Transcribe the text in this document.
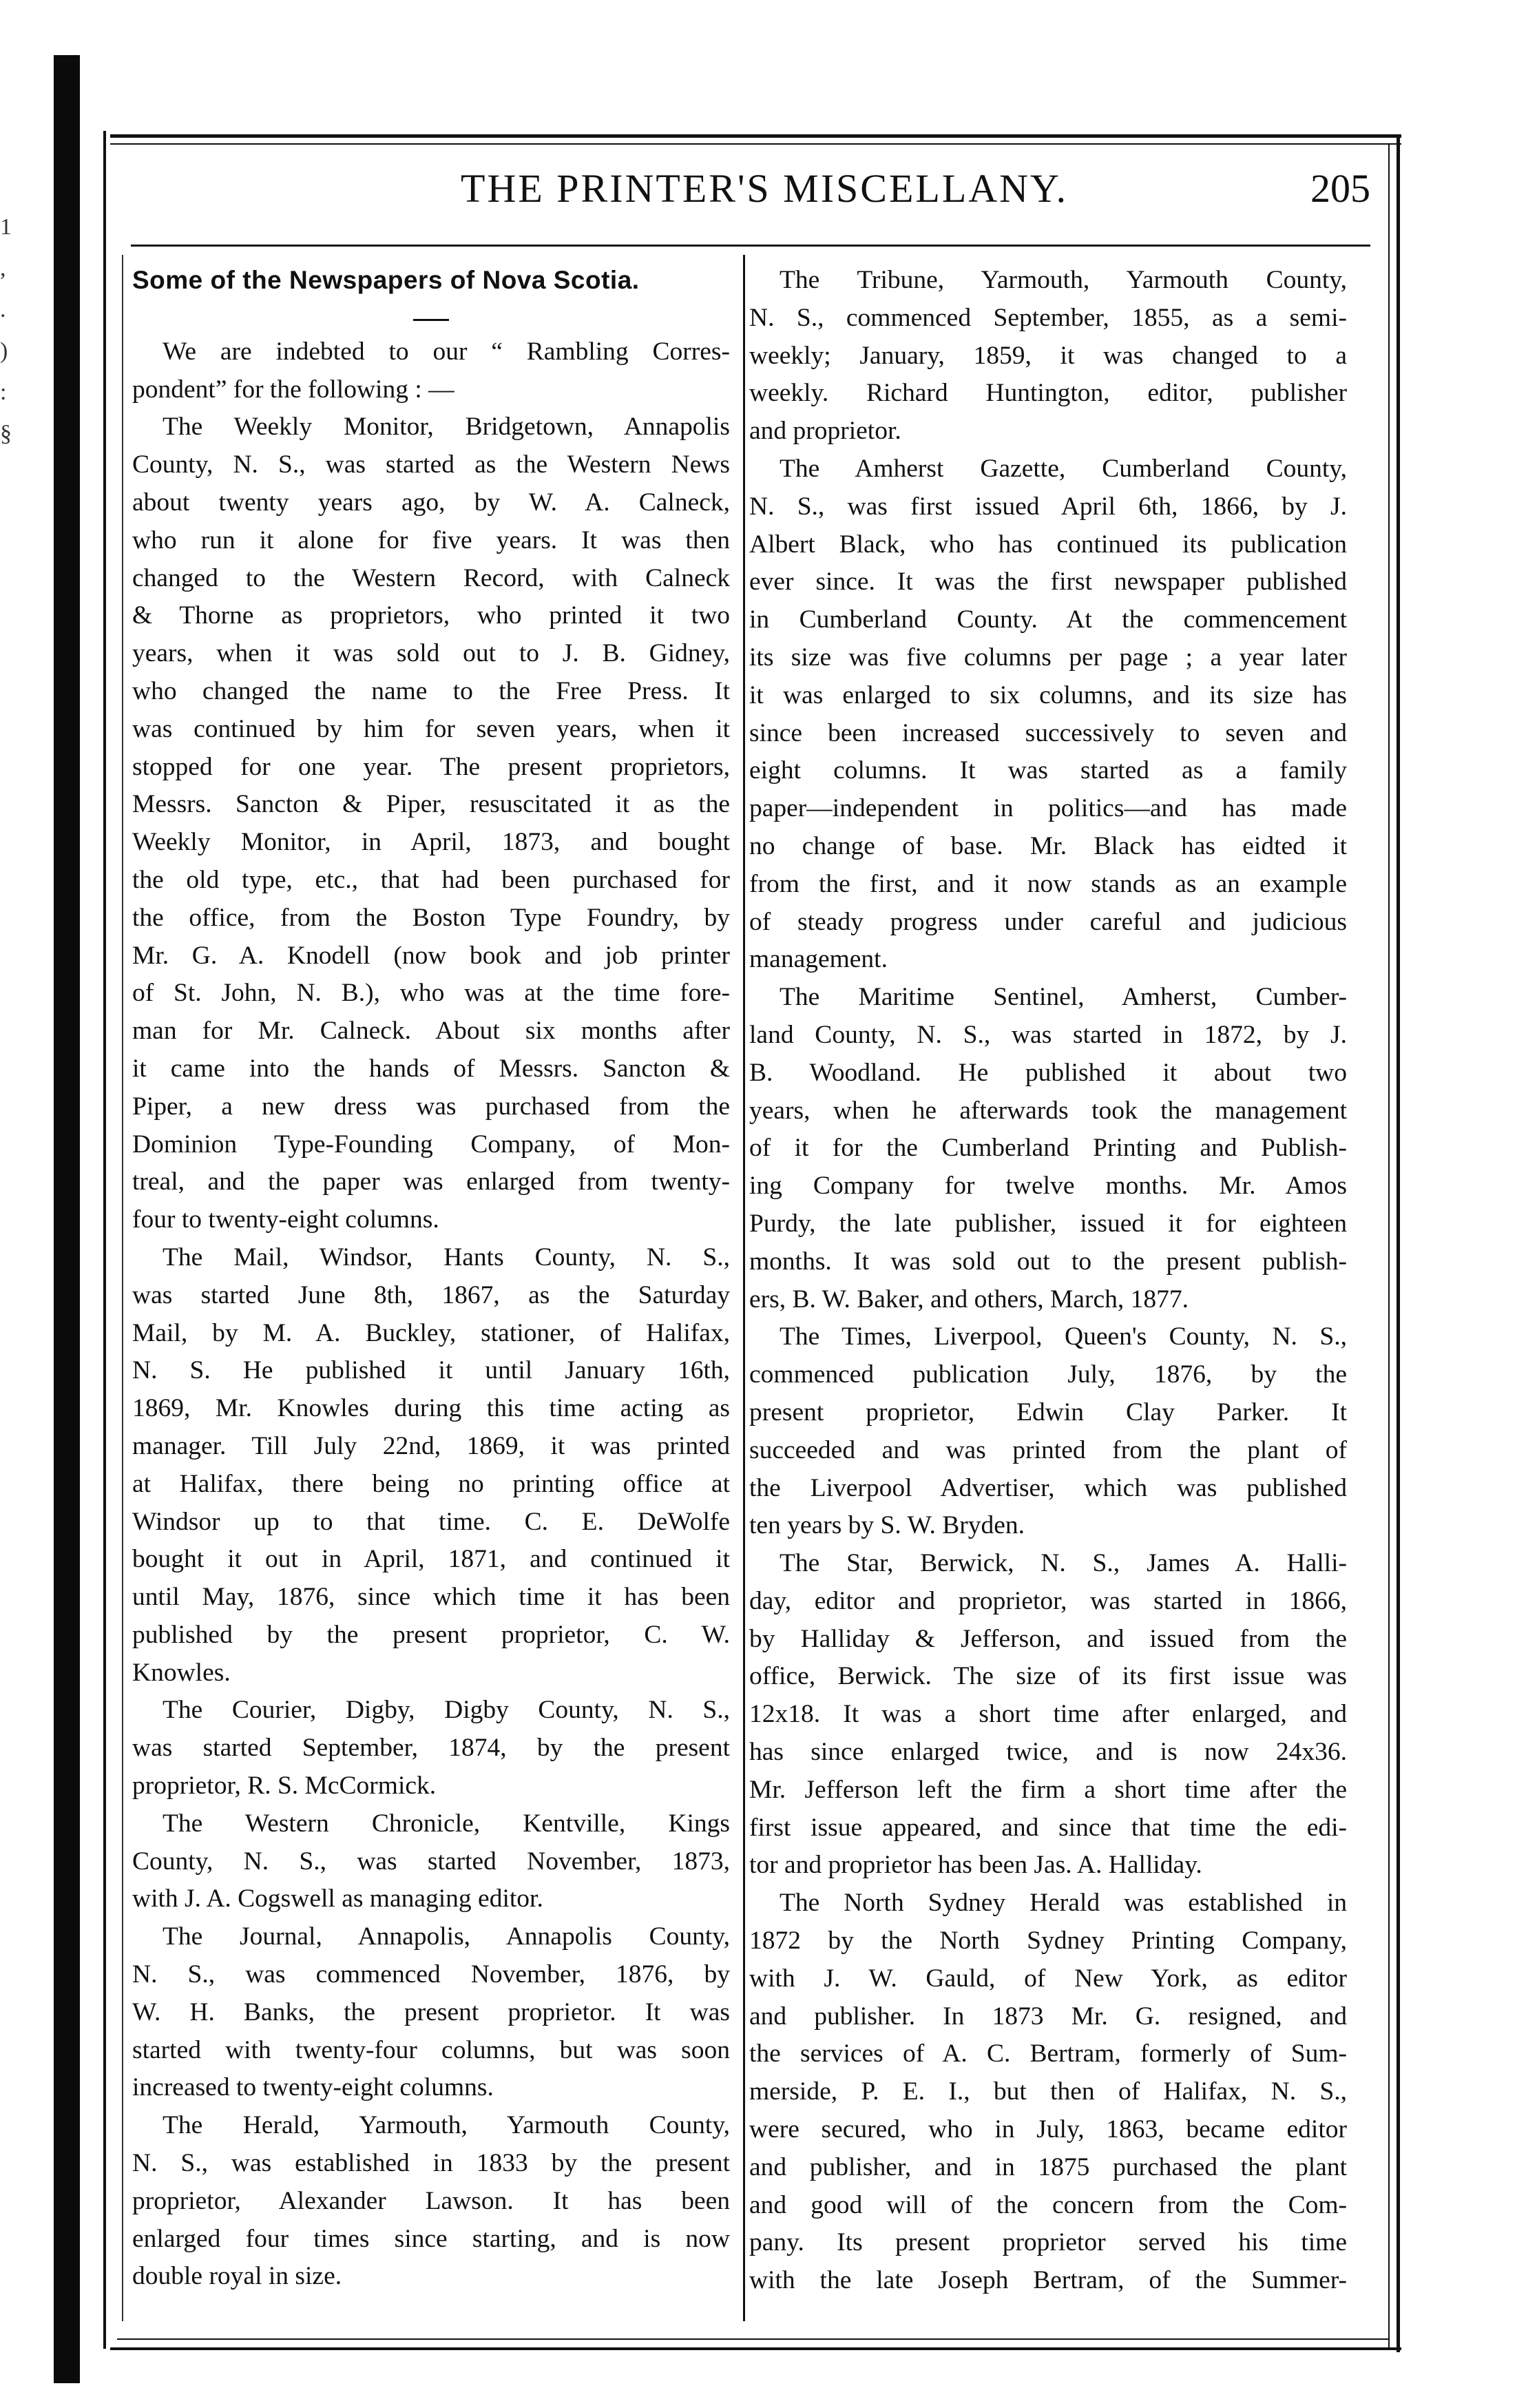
1
,
.
)
:
§
THE PRINTER'S MISCELLANY.	205
Some of the Newspapers of Nova Scotia.

We are indebted to our “ Rambling Corres-
pondent” for the following : —

The Weekly Monitor, Bridgetown, Annapolis
County, N. S., was started as the Western News
about twenty years ago, by W. A. Calneck,
who run it alone for five years. It was then
changed to the Western Record, with Calneck
& Thorne as proprietors, who printed it two
years, when it was sold out to J. B. Gidney,
who changed the name to the Free Press. It
was continued by him for seven years, when it
stopped for one year. The present proprietors,
Messrs. Sancton & Piper, resuscitated it as the
Weekly Monitor, in April, 1873, and bought
the old type, etc., that had been purchased for
the office, from the Boston Type Foundry, by
Mr. G. A. Knodell (now book and job printer
of St. John, N. B.), who was at the time fore-
man for Mr. Calneck. About six months after
it came into the hands of Messrs. Sancton &
Piper, a new dress was purchased from the
Dominion Type-Founding Company, of Mon-
treal, and the paper was enlarged from twenty-
four to twenty-eight columns.

The Mail, Windsor, Hants County, N. S.,
was started June 8th, 1867, as the Saturday
Mail, by M. A. Buckley, stationer, of Halifax,
N. S. He published it until January 16th,
1869, Mr. Knowles during this time acting as
manager. Till July 22nd, 1869, it was printed
at Halifax, there being no printing office at
Windsor up to that time. C. E. DeWolfe
bought it out in April, 1871, and continued it
until May, 1876, since which time it has been
published by the present proprietor, C. W.
Knowles.

The Courier, Digby, Digby County, N. S.,
was started September, 1874, by the present
proprietor, R. S. McCormick.

The Western Chronicle, Kentville, Kings
County, N. S., was started November, 1873,
with J. A. Cogswell as managing editor.

The Journal, Annapolis, Annapolis County,
N. S., was commenced November, 1876, by
W. H. Banks, the present proprietor. It was
started with twenty-four columns, but was soon
increased to twenty-eight columns.

The Herald, Yarmouth, Yarmouth County,
N. S., was established in 1833 by the present
proprietor, Alexander Lawson. It has been
enlarged four times since starting, and is now
double royal in size.

The Tribune, Yarmouth, Yarmouth County,
N. S., commenced September, 1855, as a semi-
weekly; January, 1859, it was changed to a
weekly. Richard Huntington, editor, publisher
and proprietor.

The Amherst Gazette, Cumberland County,
N. S., was first issued April 6th, 1866, by J.
Albert Black, who has continued its publication
ever since. It was the first newspaper published
in Cumberland County. At the commencement
its size was five columns per page ; a year later
it was enlarged to six columns, and its size has
since been increased successively to seven and
eight columns. It was started as a family
paper—independent in politics—and has made
no change of base. Mr. Black has eidted it
from the first, and it now stands as an example
of steady progress under careful and judicious
management.

The Maritime Sentinel, Amherst, Cumber-
land County, N. S., was started in 1872, by J.
B. Woodland. He published it about two
years, when he afterwards took the management
of it for the Cumberland Printing and Publish-
ing Company for twelve months. Mr. Amos
Purdy, the late publisher, issued it for eighteen
months. It was sold out to the present publish-
ers, B. W. Baker, and others, March, 1877.

The Times, Liverpool, Queen's County, N. S.,
commenced publication July, 1876, by the
present proprietor, Edwin Clay Parker. It
succeeded and was printed from the plant of
the Liverpool Advertiser, which was published
ten years by S. W. Bryden.

The Star, Berwick, N. S., James A. Halli-
day, editor and proprietor, was started in 1866,
by Halliday & Jefferson, and issued from the
office, Berwick. The size of its first issue was
12x18. It was a short time after enlarged, and
has since enlarged twice, and is now 24x36.
Mr. Jefferson left the firm a short time after the
first issue appeared, and since that time the edi-
tor and proprietor has been Jas. A. Halliday.

The North Sydney Herald was established in
1872 by the North Sydney Printing Company,
with J. W. Gauld, of New York, as editor
and publisher. In 1873 Mr. G. resigned, and
the services of A. C. Bertram, formerly of Sum-
merside, P. E. I., but then of Halifax, N. S.,
were secured, who in July, 1863, became editor
and publisher, and in 1875 purchased the plant
and good will of the concern from the Com-
pany. Its present proprietor served his time
with the late Joseph Bertram, of the Summer-
